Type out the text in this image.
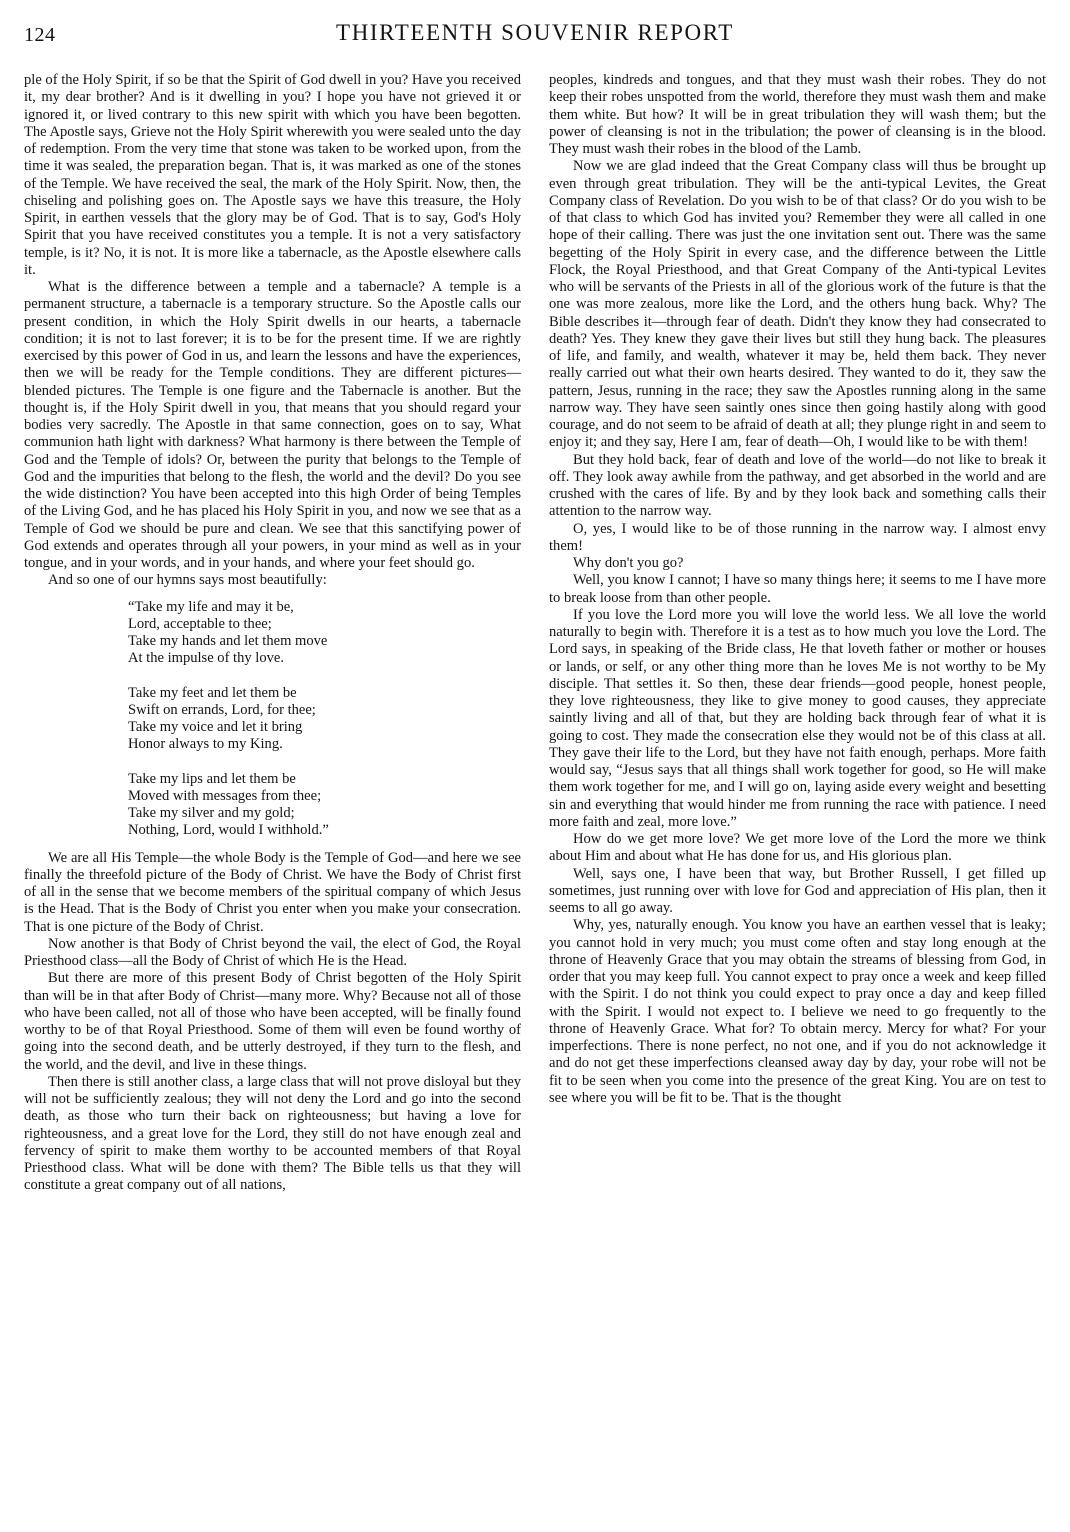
124	THIRTEENTH SOUVENIR REPORT

ple of the Holy Spirit, if so be that the Spirit of God dwell in you? Have you received it, my dear brother? And is it dwelling in you? I hope you have not grieved it or ignored it, or lived contrary to this new spirit with which you have been begotten. The Apostle says, Grieve not the Holy Spirit wherewith you were sealed unto the day of redemption. From the very time that stone was taken to be worked upon, from the time it was sealed, the preparation began. That is, it was marked as one of the stones of the Temple. We have received the seal, the mark of the Holy Spirit. Now, then, the chiseling and polishing goes on. The Apostle says we have this treasure, the Holy Spirit, in earthen vessels that the glory may be of God. That is to say, God's Holy Spirit that you have received constitutes you a temple. It is not a very satisfactory temple, is it? No, it is not. It is more like a tabernacle, as the Apostle elsewhere calls it.

What is the difference between a temple and a tabernacle? A temple is a permanent structure, a tabernacle is a temporary structure. So the Apostle calls our present condition, in which the Holy Spirit dwells in our hearts, a tabernacle condition; it is not to last forever; it is to be for the present time. If we are rightly exercised by this power of God in us, and learn the lessons and have the experiences, then we will be ready for the Temple conditions. They are different pictures—blended pictures. The Temple is one figure and the Tabernacle is another. But the thought is, if the Holy Spirit dwell in you, that means that you should regard your bodies very sacredly. The Apostle in that same connection, goes on to say, What communion hath light with darkness? What harmony is there between the Temple of God and the Temple of idols? Or, between the purity that belongs to the Temple of God and the impurities that belong to the flesh, the world and the devil? Do you see the wide distinction? You have been accepted into this high Order of being Temples of the Living God, and he has placed his Holy Spirit in you, and now we see that as a Temple of God we should be pure and clean. We see that this sanctifying power of God extends and operates through all your powers, in your mind as well as in your tongue, and in your words, and in your hands, and where your feet should go.

And so one of our hymns says most beautifully:

“Take my life and may it be,
Lord, acceptable to thee;
Take my hands and let them move
At the impulse of thy love.
Take my feet and let them be
Swift on errands, Lord, for thee;
Take my voice and let it bring
Honor always to my King.
Take my lips and let them be
Moved with messages from thee;
Take my silver and my gold;
Nothing, Lord, would I withhold.”

We are all His Temple—the whole Body is the Temple of God—and here we see finally the threefold picture of the Body of Christ. We have the Body of Christ first of all in the sense that we become members of the spiritual company of which Jesus is the Head. That is the Body of Christ you enter when you make your consecration. That is one picture of the Body of Christ.

Now another is that Body of Christ beyond the vail, the elect of God, the Royal Priesthood class—all the Body of Christ of which He is the Head.

But there are more of this present Body of Christ begotten of the Holy Spirit than will be in that after Body of Christ—many more. Why? Because not all of those who have been called, not all of those who have been accepted, will be finally found worthy to be of that Royal Priesthood. Some of them will even be found worthy of going into the second death, and be utterly destroyed, if they turn to the flesh, and the world, and the devil, and live in these things.

Then there is still another class, a large class that will not prove disloyal but they will not be sufficiently zealous; they will not deny the Lord and go into the second death, as those who turn their back on righteousness; but having a love for righteousness, and a great love for the Lord, they still do not have enough zeal and fervency of spirit to make them worthy to be accounted members of that Royal Priesthood class. What will be done with them? The Bible tells us that they will constitute a great company out of all nations,

peoples, kindreds and tongues, and that they must wash their robes. They do not keep their robes unspotted from the world, therefore they must wash them and make them white. But how? It will be in great tribulation they will wash them; but the power of cleansing is not in the tribulation; the power of cleansing is in the blood. They must wash their robes in the blood of the Lamb.

Now we are glad indeed that the Great Company class will thus be brought up even through great tribulation. They will be the anti-typical Levites, the Great Company class of Revelation. Do you wish to be of that class? Or do you wish to be of that class to which God has invited you? Remember they were all called in one hope of their calling. There was just the one invitation sent out. There was the same begetting of the Holy Spirit in every case, and the difference between the Little Flock, the Royal Priesthood, and that Great Company of the Anti-typical Levites who will be servants of the Priests in all of the glorious work of the future is that the one was more zealous, more like the Lord, and the others hung back. Why? The Bible describes it—through fear of death. Didn't they know they had consecrated to death? Yes. They knew they gave their lives but still they hung back. The pleasures of life, and family, and wealth, whatever it may be, held them back. They never really carried out what their own hearts desired. They wanted to do it, they saw the pattern, Jesus, running in the race; they saw the Apostles running along in the same narrow way. They have seen saintly ones since then going hastily along with good courage, and do not seem to be afraid of death at all; they plunge right in and seem to enjoy it; and they say, Here I am, fear of death—Oh, I would like to be with them!

But they hold back, fear of death and love of the world—do not like to break it off. They look away awhile from the pathway, and get absorbed in the world and are crushed with the cares of life. By and by they look back and something calls their attention to the narrow way.

O, yes, I would like to be of those running in the narrow way. I almost envy them!

Why don't you go?

Well, you know I cannot; I have so many things here; it seems to me I have more to break loose from than other people.

If you love the Lord more you will love the world less. We all love the world naturally to begin with. Therefore it is a test as to how much you love the Lord. The Lord says, in speaking of the Bride class, He that loveth father or mother or houses or lands, or self, or any other thing more than he loves Me is not worthy to be My disciple. That settles it. So then, these dear friends—good people, honest people, they love righteousness, they like to give money to good causes, they appreciate saintly living and all of that, but they are holding back through fear of what it is going to cost. They made the consecration else they would not be of this class at all. They gave their life to the Lord, but they have not faith enough, perhaps. More faith would say, “Jesus says that all things shall work together for good, so He will make them work together for me, and I will go on, laying aside every weight and besetting sin and everything that would hinder me from running the race with patience. I need more faith and zeal, more love.”

How do we get more love? We get more love of the Lord the more we think about Him and about what He has done for us, and His glorious plan.

Well, says one, I have been that way, but Brother Russell, I get filled up sometimes, just running over with love for God and appreciation of His plan, then it seems to all go away.

Why, yes, naturally enough. You know you have an earthen vessel that is leaky; you cannot hold in very much; you must come often and stay long enough at the throne of Heavenly Grace that you may obtain the streams of blessing from God, in order that you may keep full. You cannot expect to pray once a week and keep filled with the Spirit. I do not think you could expect to pray once a day and keep filled with the Spirit. I would not expect to. I believe we need to go frequently to the throne of Heavenly Grace. What for? To obtain mercy. Mercy for what? For your imperfections. There is none perfect, no not one, and if you do not acknowledge it and do not get these imperfections cleansed away day by day, your robe will not be fit to be seen when you come into the presence of the great King. You are on test to see where you will be fit to be. That is the thought
